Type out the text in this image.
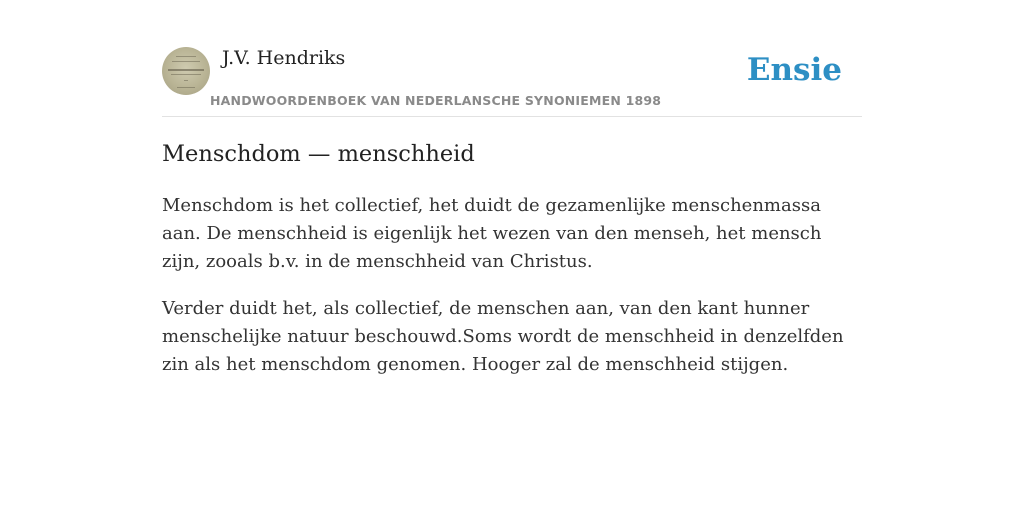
J.V. Hendriks
HANDWOORDENBOEK VAN NEDERLANSCHE SYNONIEMEN 1898
Ensie
Menschdom — menschheid

Menschdom is het collectief, het duidt de gezamenlijke menschenmassa aan. De menschheid is eigenlijk het wezen van den menseh, het mensch zijn, zooals b.v. in de menschheid van Christus.

Verder duidt het, als collectief, de menschen aan, van den kant hunner menschelijke natuur beschouwd.Soms wordt de menschheid in denzelfden zin als het menschdom genomen. Hooger zal de menschheid stijgen.
